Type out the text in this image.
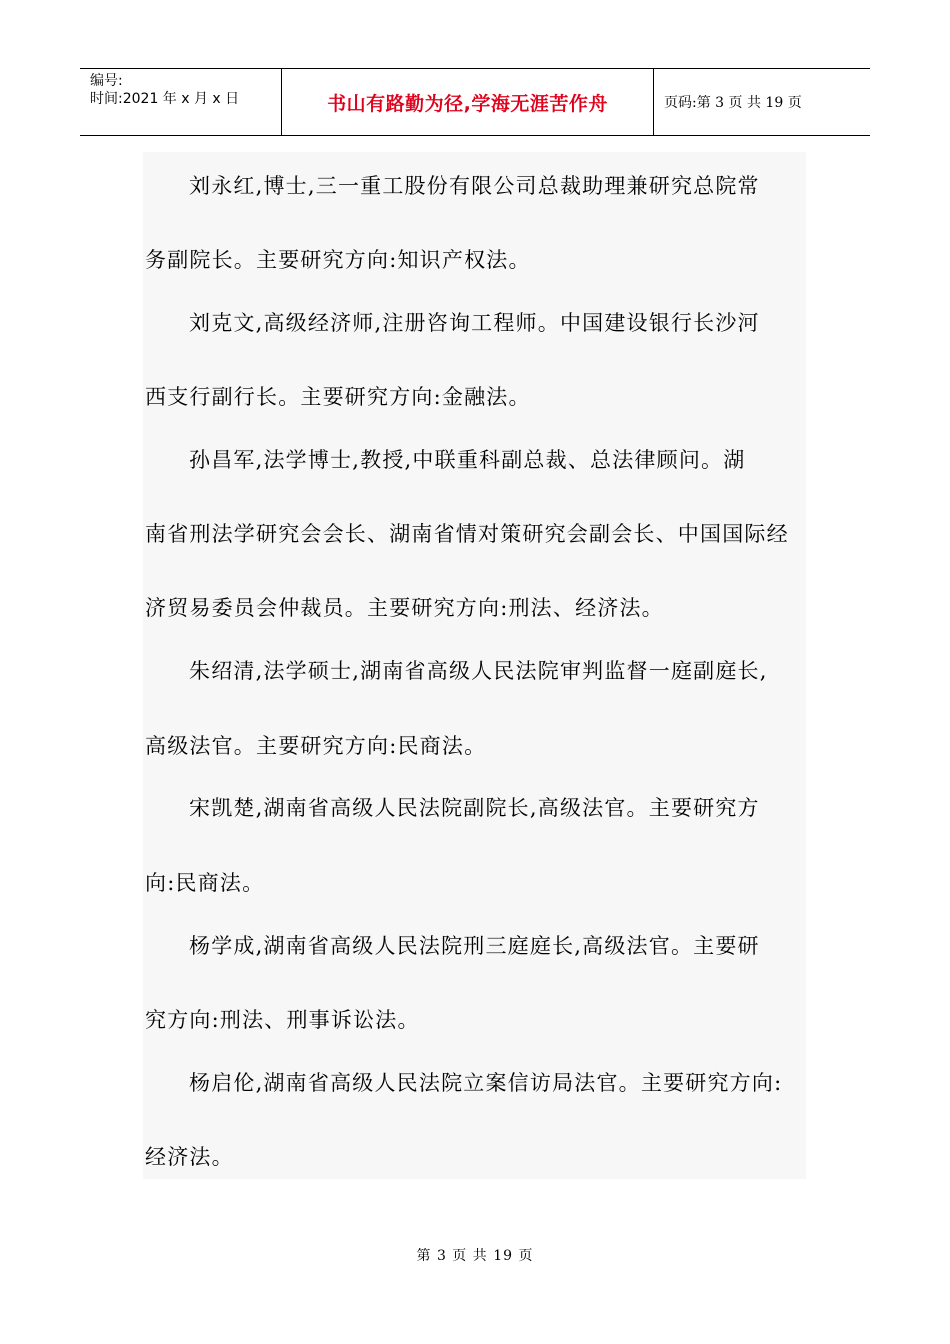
编号:
时间:2021 年 x 月 x 日	书山有路勤为径,学海无涯苦作舟	页码:第 3 页 共 19 页
刘永红,博士,三一重工股份有限公司总裁助理兼研究总院常
务副院长。主要研究方向:知识产权法。
刘克文,高级经济师,注册咨询工程师。中国建设银行长沙河
西支行副行长。主要研究方向:金融法。
孙昌军,法学博士,教授,中联重科副总裁、总法律顾问。湖
南省刑法学研究会会长、湖南省情对策研究会副会长、中国国际经
济贸易委员会仲裁员。主要研究方向:刑法、经济法。
朱绍清,法学硕士,湖南省高级人民法院审判监督一庭副庭长,
高级法官。主要研究方向:民商法。
宋凯楚,湖南省高级人民法院副院长,高级法官。主要研究方
向:民商法。
杨学成,湖南省高级人民法院刑三庭庭长,高级法官。主要研
究方向:刑法、刑事诉讼法。
杨启伦,湖南省高级人民法院立案信访局法官。主要研究方向:
经济法。
第 3 页 共 19 页
